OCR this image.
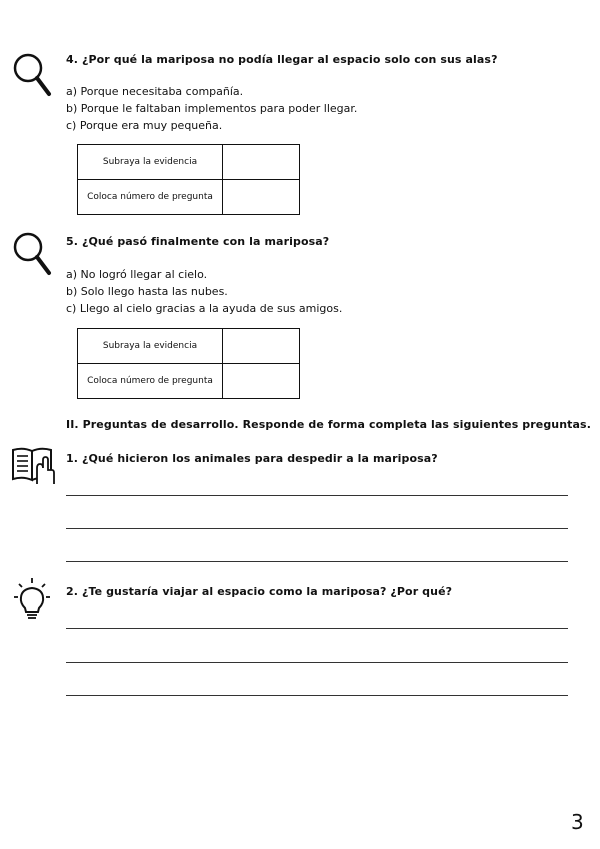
4. ¿Por qué la mariposa no podía llegar al espacio solo con sus alas?
a) Porque necesitaba compañía.
b) Porque le faltaban implementos para poder llegar.
c) Porque era muy pequeña.
Subraya la evidencia	
Coloca número de pregunta	
5. ¿Qué pasó finalmente con la mariposa?
a) No logró llegar al cielo.
b) Solo llego hasta las nubes.
c) Llego al cielo gracias a la ayuda de sus amigos.
Subraya la evidencia	
Coloca número de pregunta	
II. Preguntas de desarrollo. Responde de forma completa las siguientes preguntas.
1. ¿Qué hicieron los animales para despedir a la mariposa?
2. ¿Te gustaría viajar al espacio como la mariposa? ¿Por qué?
3
